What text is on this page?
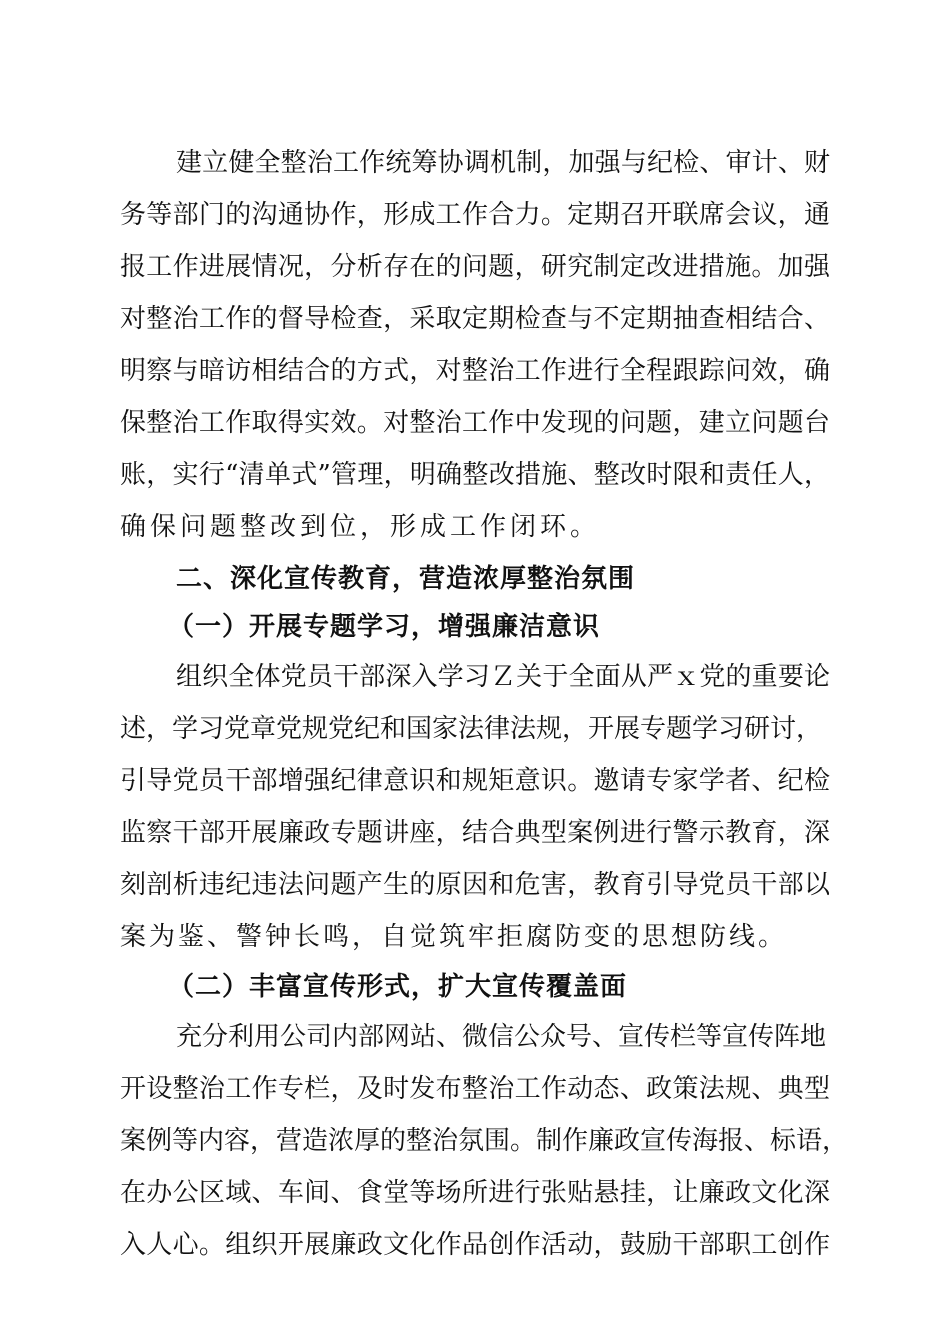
建立健全整治工作统筹协调机制，加强与纪检、审计、财
务等部门的沟通协作，形成工作合力。定期召开联席会议，通
报工作进展情况，分析存在的问题，研究制定改进措施。加强
对整治工作的督导检查，采取定期检查与不定期抽查相结合、
明察与暗访相结合的方式，对整治工作进行全程跟踪问效，确
保整治工作取得实效。对整治工作中发现的问题，建立问题台
账，实行“清单式”管理，明确整改措施、整改时限和责任人，
确保问题整改到位，形成工作闭环。
二、深化宣传教育，营造浓厚整治氛围
（一）开展专题学习，增强廉洁意识
组织全体党员干部深入学习Ｚ关于全面从严ｘ党的重要论
述，学习党章党规党纪和国家法律法规，开展专题学习研讨，
引导党员干部增强纪律意识和规矩意识。邀请专家学者、纪检
监察干部开展廉政专题讲座，结合典型案例进行警示教育，深
刻剖析违纪违法问题产生的原因和危害，教育引导党员干部以
案为鉴、警钟长鸣，自觉筑牢拒腐防变的思想防线。
（二）丰富宣传形式，扩大宣传覆盖面
充分利用公司内部网站、微信公众号、宣传栏等宣传阵地
开设整治工作专栏，及时发布整治工作动态、政策法规、典型
案例等内容，营造浓厚的整治氛围。制作廉政宣传海报、标语，
在办公区域、车间、食堂等场所进行张贴悬挂，让廉政文化深
入人心。组织开展廉政文化作品创作活动，鼓励干部职工创作
